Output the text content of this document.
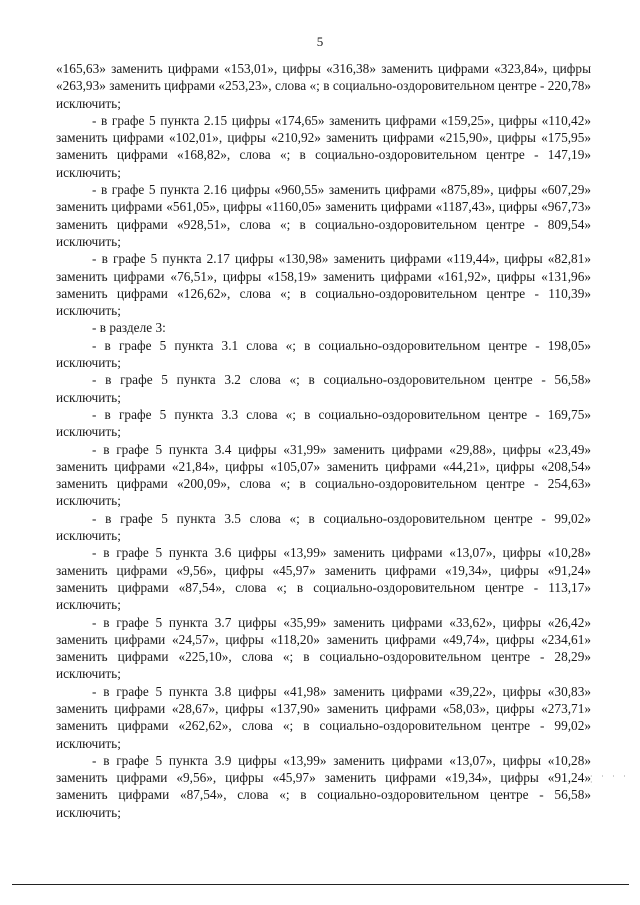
5

«165,63» заменить цифрами «153,01», цифры «316,38» заменить цифрами «323,84», цифры «263,93» заменить цифрами «253,23», слова «; в социально-оздоровительном центре - 220,78» исключить;

- в графе 5 пункта 2.15 цифры «174,65» заменить цифрами «159,25», цифры «110,42» заменить цифрами «102,01», цифры «210,92» заменить цифрами «215,90», цифры «175,95» заменить цифрами «168,82», слова «; в социально-оздоровительном центре - 147,19» исключить;

- в графе 5 пункта 2.16 цифры «960,55» заменить цифрами «875,89», цифры «607,29» заменить цифрами «561,05», цифры «1160,05» заменить цифрами «1187,43», цифры «967,73» заменить цифрами «928,51», слова «; в социально-оздоровительном центре - 809,54» исключить;

- в графе 5 пункта 2.17 цифры «130,98» заменить цифрами «119,44», цифры «82,81» заменить цифрами «76,51», цифры «158,19» заменить цифрами «161,92», цифры «131,96» заменить цифрами «126,62», слова «; в социально-оздоровительном центре - 110,39» исключить;

- в разделе 3:

- в графе 5 пункта 3.1 слова «; в социально-оздоровительном центре - 198,05» исключить;

- в графе 5 пункта 3.2 слова «; в социально-оздоровительном центре - 56,58» исключить;

- в графе 5 пункта 3.3 слова «; в социально-оздоровительном центре - 169,75» исключить;

- в графе 5 пункта 3.4 цифры «31,99» заменить цифрами «29,88», цифры «23,49» заменить цифрами «21,84», цифры «105,07» заменить цифрами «44,21», цифры «208,54» заменить цифрами «200,09», слова «; в социально-оздоровительном центре - 254,63» исключить;

- в графе 5 пункта 3.5 слова «; в социально-оздоровительном центре - 99,02» исключить;

- в графе 5 пункта 3.6 цифры «13,99» заменить цифрами «13,07», цифры «10,28» заменить цифрами «9,56», цифры «45,97» заменить цифрами «19,34», цифры «91,24» заменить цифрами «87,54», слова «; в социально-оздоровительном центре - 113,17» исключить;

- в графе 5 пункта 3.7 цифры «35,99» заменить цифрами «33,62», цифры «26,42» заменить цифрами «24,57», цифры «118,20» заменить цифрами «49,74», цифры «234,61» заменить цифрами «225,10», слова «; в социально-оздоровительном центре - 28,29» исключить;

- в графе 5 пункта 3.8 цифры «41,98» заменить цифрами «39,22», цифры «30,83» заменить цифрами «28,67», цифры «137,90» заменить цифрами «58,03», цифры «273,71» заменить цифрами «262,62», слова «; в социально-оздоровительном центре - 99,02» исключить;

- в графе 5 пункта 3.9 цифры «13,99» заменить цифрами «13,07», цифры «10,28» заменить цифрами «9,56», цифры «45,97» заменить цифрами «19,34», цифры «91,24» заменить цифрами «87,54», слова «; в социально-оздоровительном центре - 56,58» исключить;

· · · · ·
